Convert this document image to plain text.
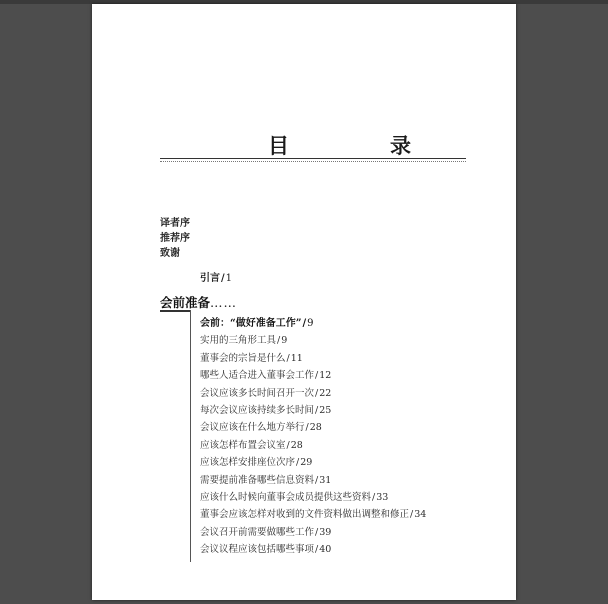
目　录
译者序
推荐序
致谢
引言/1
会前准备……
会前：“做好准备工作”/9
实用的三角形工具/9
董事会的宗旨是什么/11
哪些人适合进入董事会工作/12
会议应该多长时间召开一次/22
每次会议应该持续多长时间/25
会议应该在什么地方举行/28
应该怎样布置会议室/28
应该怎样安排座位次序/29
需要提前准备哪些信息资料/31
应该什么时候向董事会成员提供这些资料/33
董事会应该怎样对收到的文件资料做出调整和修正/34
会议召开前需要做哪些工作/39
会议议程应该包括哪些事项/40
